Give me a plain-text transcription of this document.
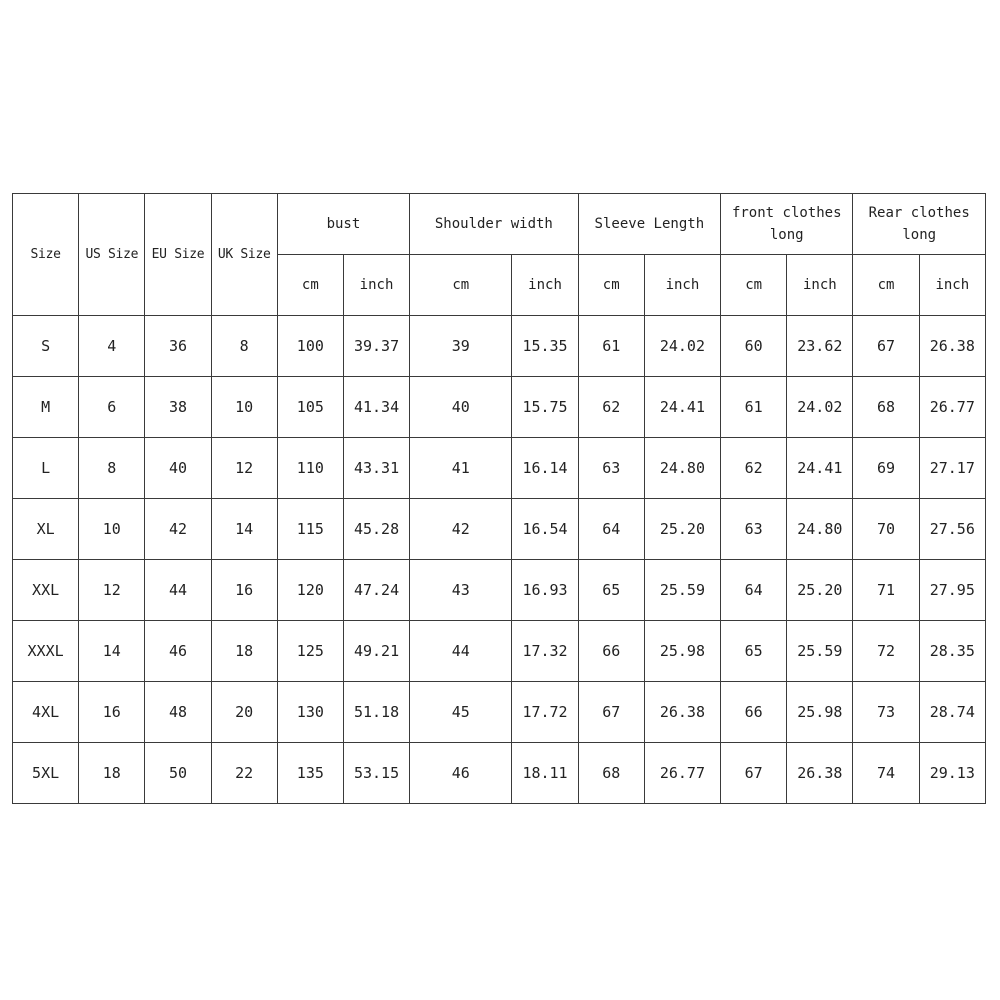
Size	US Size	EU Size	UK Size	bust		Shoulder width		Sleeve Length		front clothes long		Rear clothes long	
				cm	inch	cm	inch	cm	inch	cm	inch	cm	inch
S	4	36	8	100	39.37	39	15.35	61	24.02	60	23.62	67	26.38
M	6	38	10	105	41.34	40	15.75	62	24.41	61	24.02	68	26.77
L	8	40	12	110	43.31	41	16.14	63	24.80	62	24.41	69	27.17
XL	10	42	14	115	45.28	42	16.54	64	25.20	63	24.80	70	27.56
XXL	12	44	16	120	47.24	43	16.93	65	25.59	64	25.20	71	27.95
XXXL	14	46	18	125	49.21	44	17.32	66	25.98	65	25.59	72	28.35
4XL	16	48	20	130	51.18	45	17.72	67	26.38	66	25.98	73	28.74
5XL	18	50	22	135	53.15	46	18.11	68	26.77	67	26.38	74	29.13
